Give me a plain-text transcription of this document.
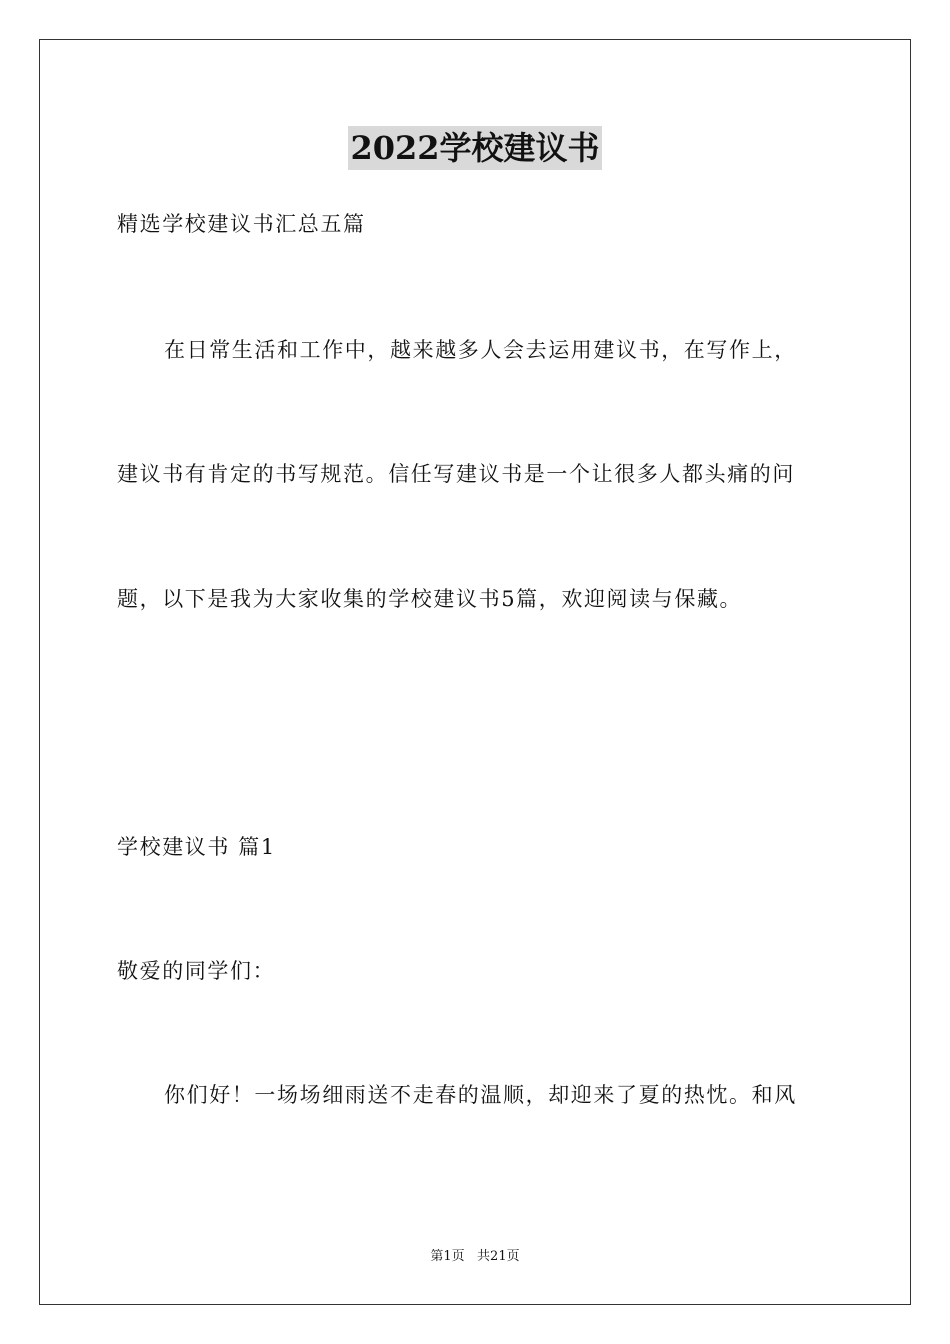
2022学校建议书
精选学校建议书汇总五篇
在日常生活和工作中，越来越多人会去运用建议书，在写作上，
建议书有肯定的书写规范。信任写建议书是一个让很多人都头痛的问
题，以下是我为大家收集的学校建议书5篇，欢迎阅读与保藏。
学校建议书 篇1
敬爱的同学们：
你们好！一场场细雨送不走春的温顺，却迎来了夏的热忱。和风
第1页   共21页
